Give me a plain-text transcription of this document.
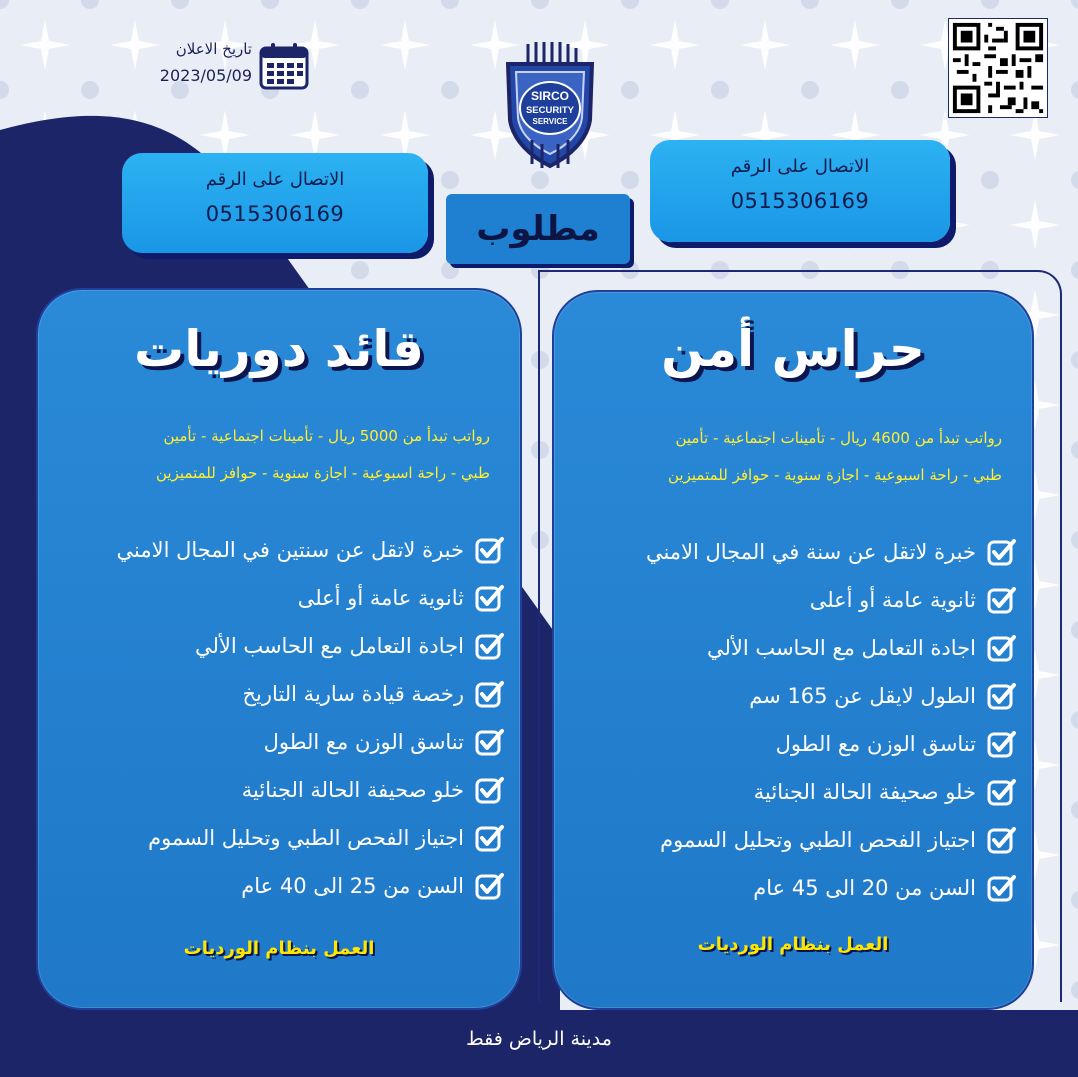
تاريخ الاعلان
2023/05/09
SIRCO
SECURITY
SERVICE
الاتصال على الرقم
0515306169
الاتصال على الرقم
0515306169
مطلوب
قائد دوريات
رواتب تبدأ من 5000 ريال - تأمينات اجتماعية - تأمين
طبي - راحة اسبوعية - اجازة سنوية - حوافز للمتميزين
خبرة لاتقل عن سنتين في المجال الامني
ثانوية عامة أو أعلى
اجادة التعامل مع الحاسب الألي
رخصة قيادة سارية التاريخ
تناسق الوزن مع الطول
خلو صحيفة الحالة الجنائية
اجتياز الفحص الطبي وتحليل السموم
السن من 25 الى 40 عام
العمل بنظام الورديات
حراس أمن
رواتب تبدأ من 4600 ريال - تأمينات اجتماعية - تأمين
طبي - راحة اسبوعية - اجازة سنوية - حوافز للمتميزين
خبرة لاتقل عن سنة في المجال الامني
ثانوية عامة أو أعلى
اجادة التعامل مع الحاسب الألي
الطول لايقل عن 165 سم
تناسق الوزن مع الطول
خلو صحيفة الحالة الجنائية
اجتياز الفحص الطبي وتحليل السموم
السن من 20 الى 45 عام
العمل بنظام الورديات
مدينة الرياض فقط
